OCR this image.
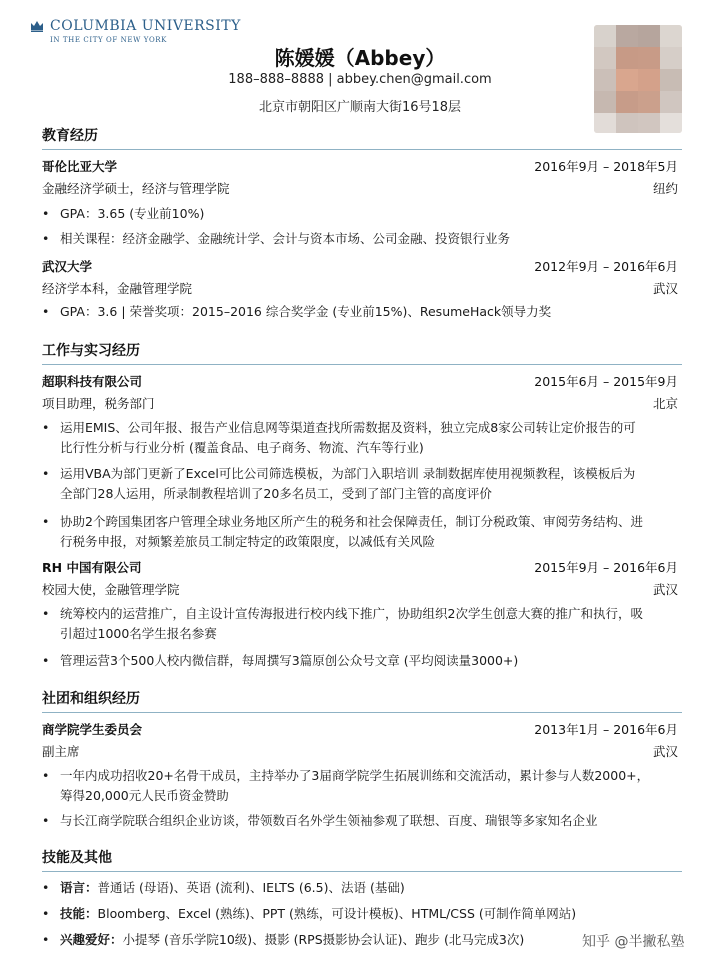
COLUMBIA UNIVERSITY
IN THE CITY OF NEW YORK
陈媛媛（Abbey）
188–888–8888 | abbey.chen@gmail.com
北京市朝阳区广顺南大街16号18层
教育经历
哥伦比亚大学	2016年9月 – 2018年5月
金融经济学硕士，经济与管理学院	纽约
• GPA：3.65 (专业前10%)
• 相关课程：经济金融学、金融统计学、会计与资本市场、公司金融、投资银行业务
武汉大学	2012年9月 – 2016年6月
经济学本科，金融管理学院	武汉
• GPA：3.6 | 荣誉奖项：2015–2016 综合奖学金 (专业前15%)、ResumeHack领导力奖
工作与实习经历
超职科技有限公司	2015年6月 – 2015年9月
项目助理，税务部门	北京
• 运用EMIS、公司年报、报告产业信息网等渠道查找所需数据及资料，独立完成8家公司转让定价报告的可
比行性分析与行业分析 (覆盖食品、电子商务、物流、汽车等行业)
• 运用VBA为部门更新了Excel可比公司筛选模板，为部门入职培训 录制数据库使用视频教程，该模板后为
全部门28人运用，所录制教程培训了20多名员工，受到了部门主管的高度评价
• 协助2个跨国集团客户管理全球业务地区所产生的税务和社会保障责任，制订分税政策、审阅劳务结构、进
行税务申报，对频繁差旅员工制定特定的政策限度，以减低有关风险
RH 中国有限公司	2015年9月 – 2016年6月
校园大使，金融管理学院	武汉
• 统筹校内的运营推广，自主设计宣传海报进行校内线下推广，协助组织2次学生创意大赛的推广和执行，吸
引超过1000名学生报名参赛
• 管理运营3个500人校内微信群，每周撰写3篇原创公众号文章 (平均阅读量3000+)
社团和组织经历
商学院学生委员会	2013年1月 – 2016年6月
副主席	武汉
• 一年内成功招收20+名骨干成员，主持举办了3届商学院学生拓展训练和交流活动，累计参与人数2000+，
筹得20,000元人民币资金赞助
• 与长江商学院联合组织企业访谈，带领数百名外学生领袖参观了联想、百度、瑞银等多家知名企业
技能及其他
• 语言：普通话 (母语)、英语 (流利)、IELTS (6.5)、法语 (基础)
• 技能：Bloomberg、Excel (熟练)、PPT (熟练，可设计模板)、HTML/CSS (可制作简单网站)
• 兴趣爱好：小提琴 (音乐学院10级)、摄影 (RPS摄影协会认证)、跑步 (北马完成3次)	知乎 @半撇私塾
